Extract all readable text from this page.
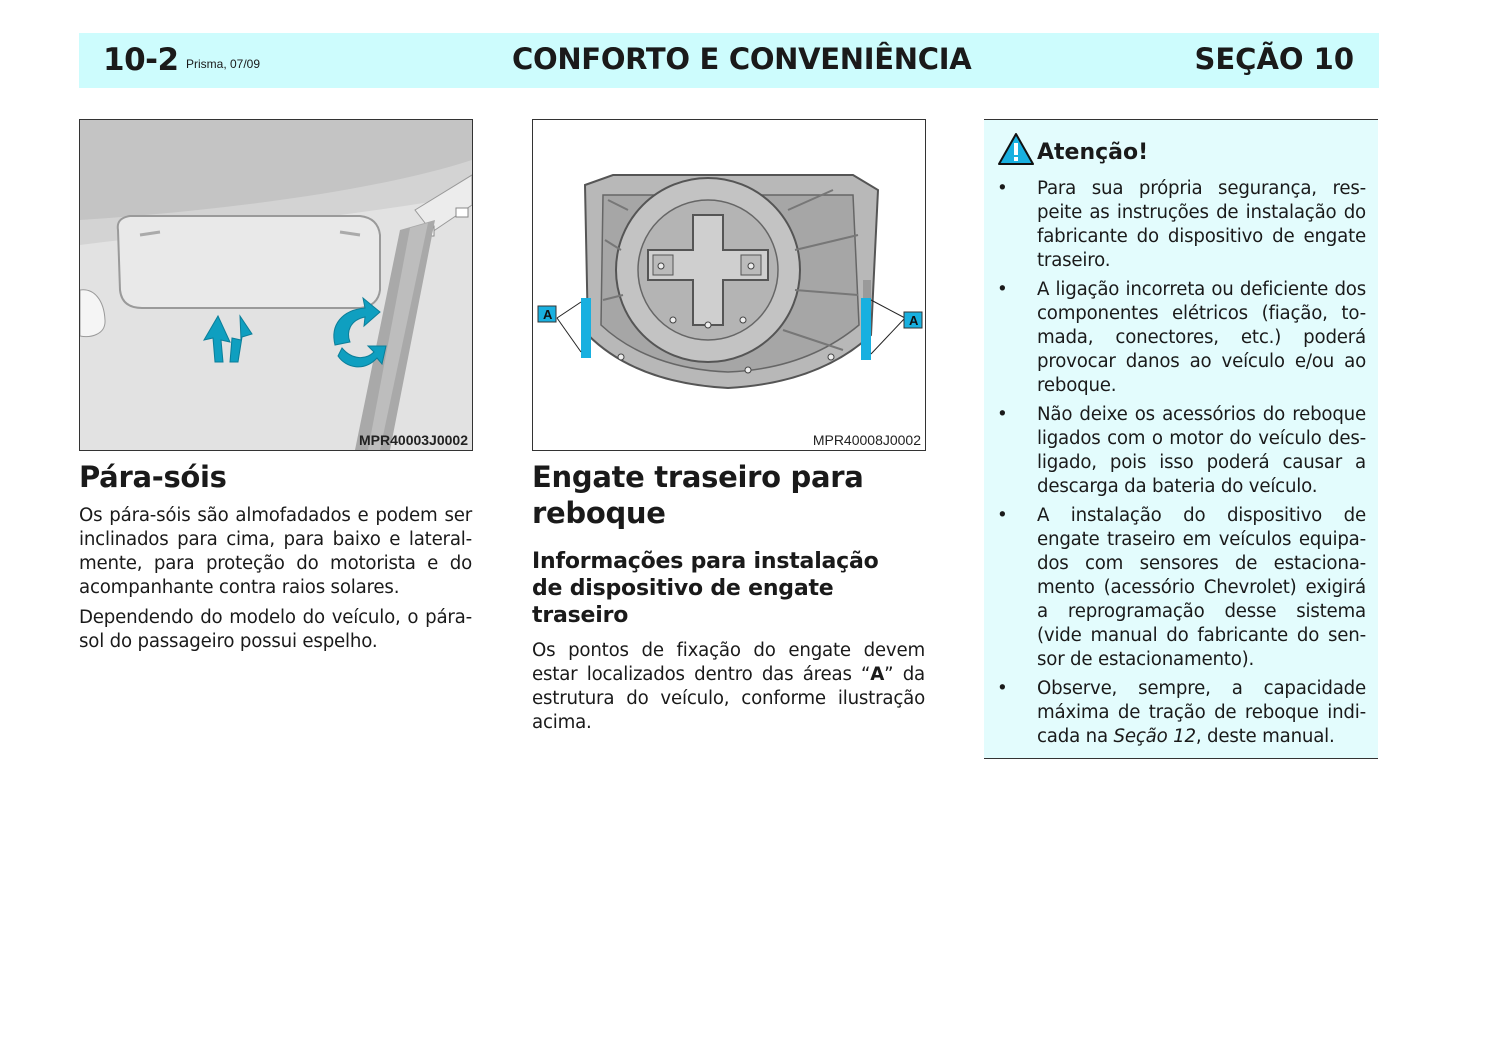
10-2 Prisma, 07/09	CONFORTO E CONVENIÊNCIA	SEÇÃO 10
MPR40003J0002
A	A
MPR40008J0002
Pára-sóis

Os pára-sóis são almofadados e podem ser inclinados para cima, para baixo e lateral-mente, para proteção do motorista e do acompanhante contra raios solares.

Dependendo do modelo do veículo, o pára-sol do passageiro possui espelho.

Engate traseiro para reboque
Informações para instalação de dispositivo de engate traseiro

Os pontos de fixação do engate devem estar localizados dentro das áreas “A” da estrutura do veículo, conforme ilustração acima.

Atenção!
• Para sua própria segurança, res-peite as instruções de instalação do fabricante do dispositivo de engate traseiro.
• A ligação incorreta ou deficiente dos componentes elétricos (fiação, to-mada, conectores, etc.) poderá provocar danos ao veículo e/ou ao reboque.
• Não deixe os acessórios do reboque ligados com o motor do veículo des-ligado, pois isso poderá causar a descarga da bateria do veículo.
• A instalação do dispositivo de engate traseiro em veículos equipa-dos com sensores de estaciona-mento (acessório Chevrolet) exigirá a reprogramação desse sistema (vide manual do fabricante do sen-sor de estacionamento).
• Observe, sempre, a capacidade máxima de tração de reboque indi-cada na Seção 12, deste manual.
